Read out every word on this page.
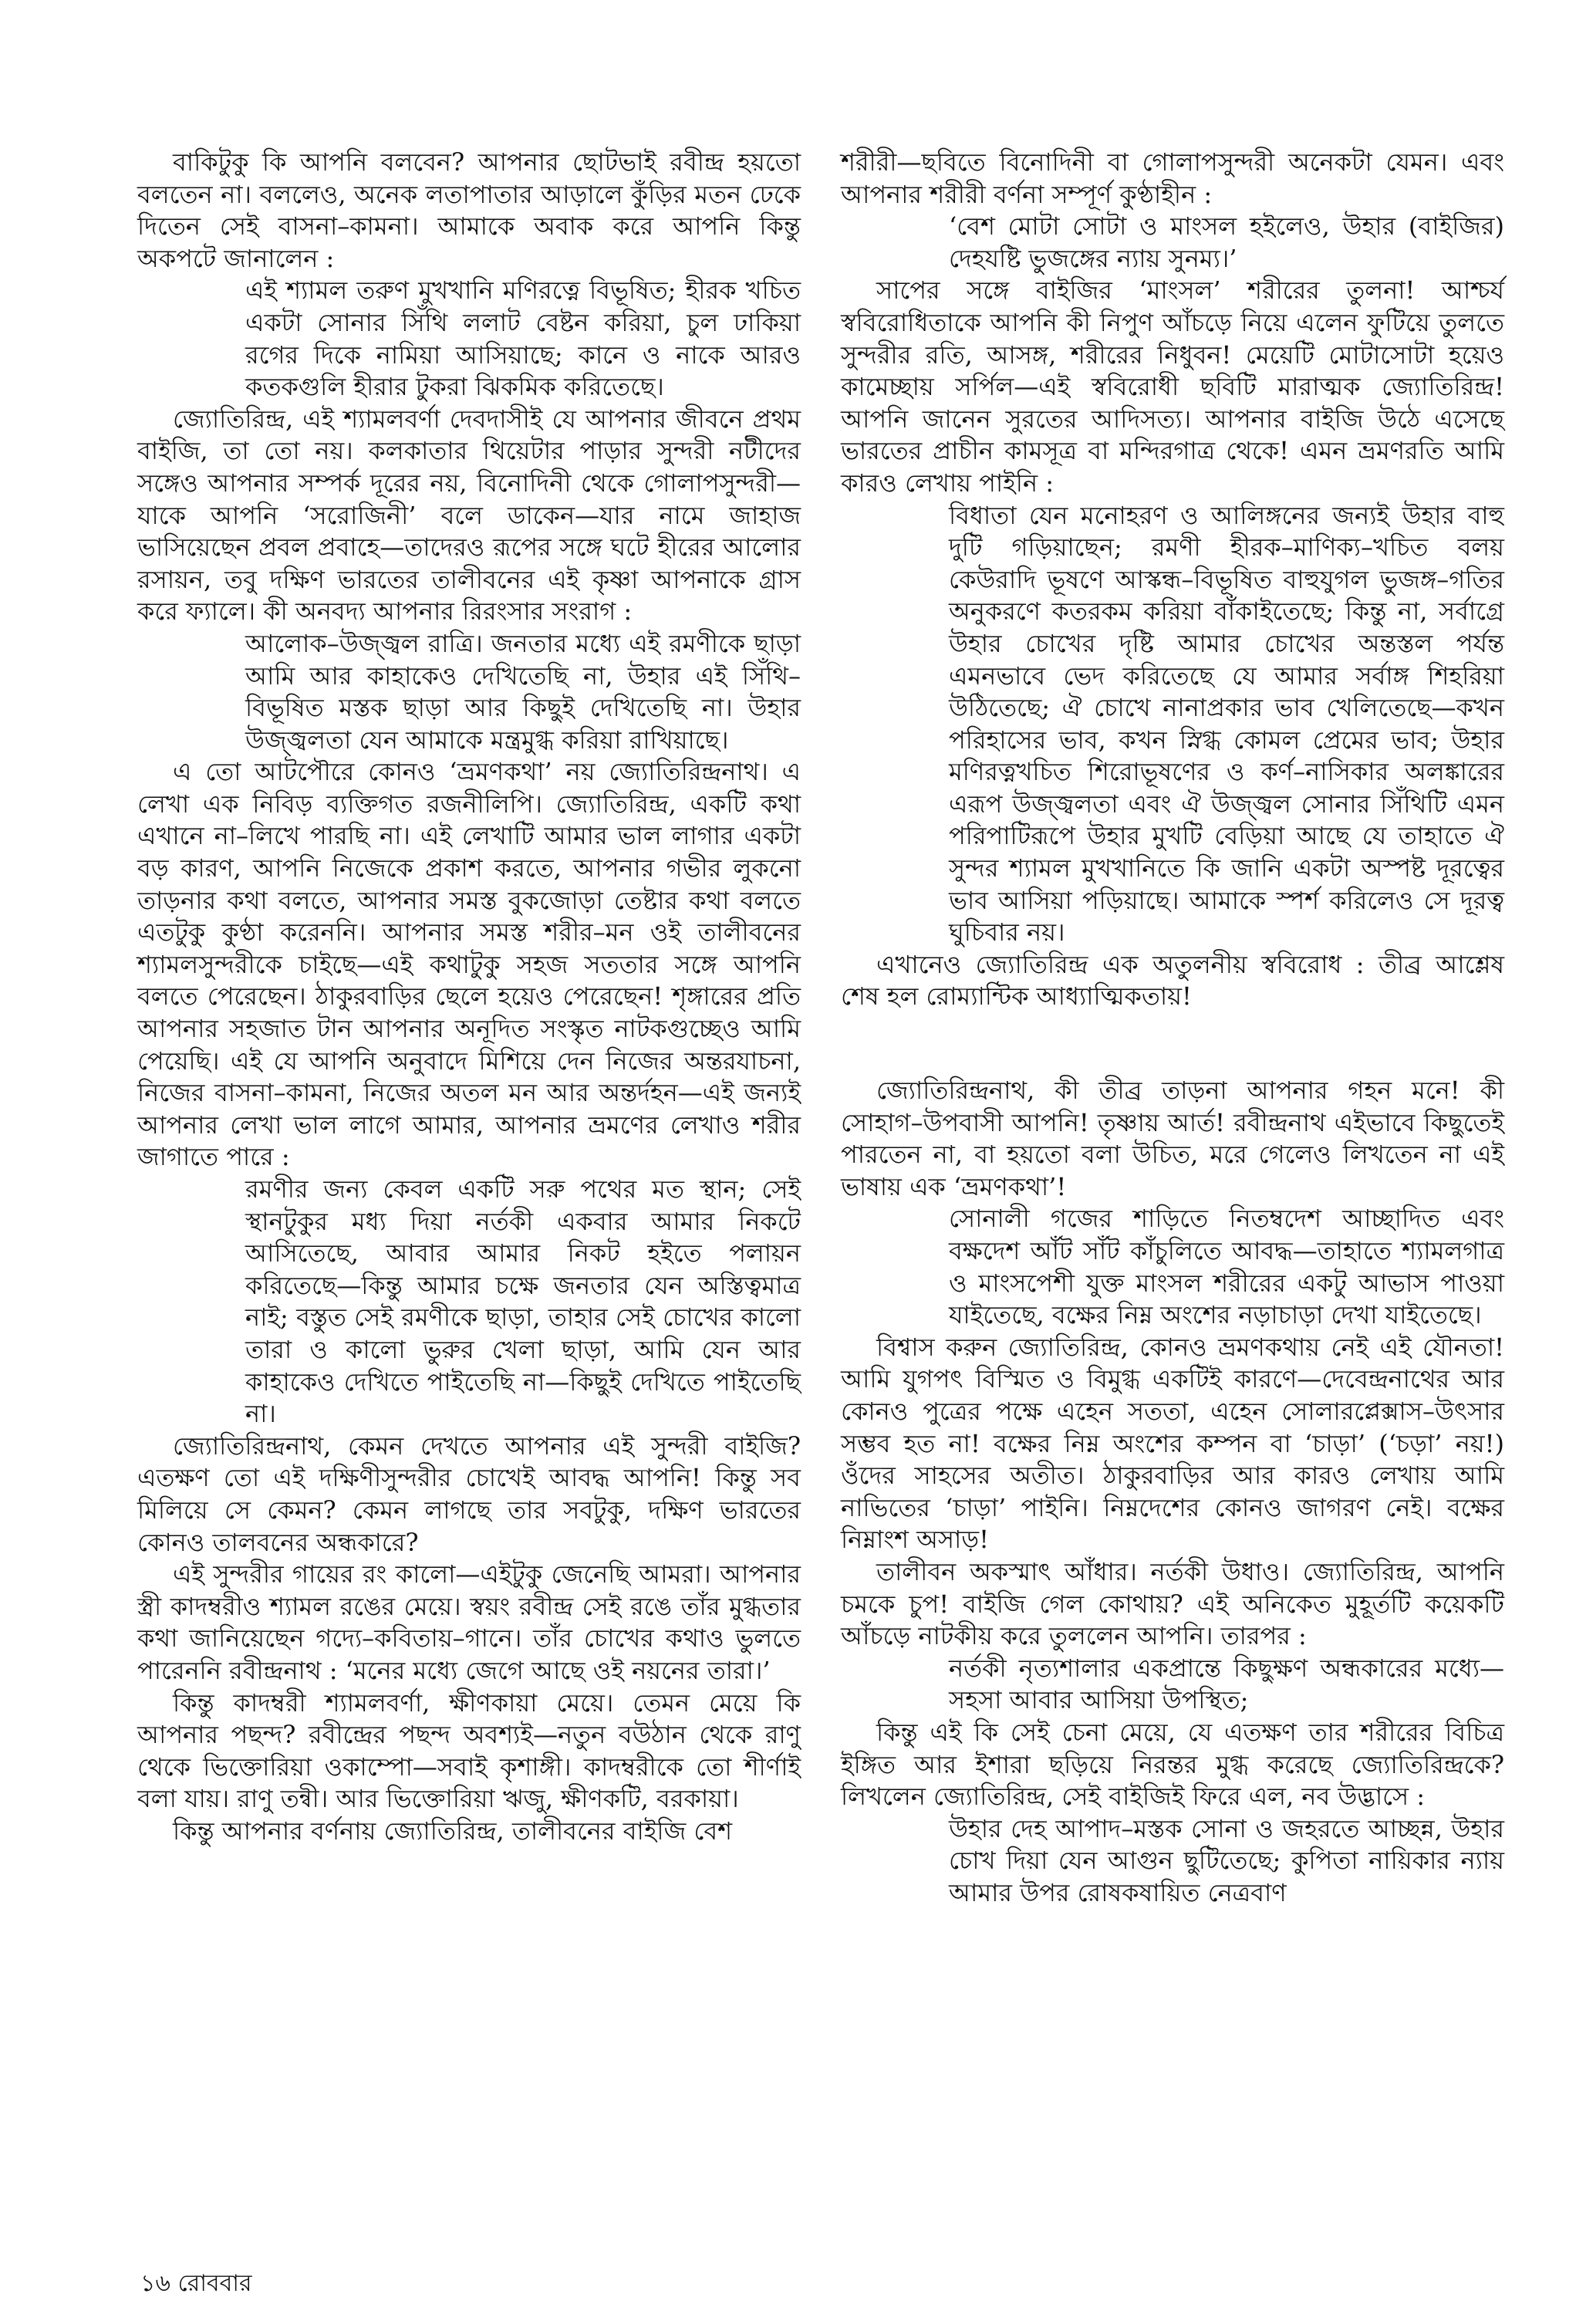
বাকিটুকু কি আপনি বলবেন? আপনার ছোটভাই রবীন্দ্র হয়তো বলতেন না। বললেও, অনেক লতাপাতার আড়ালে কুঁড়ির মতন ঢেকে দিতেন সেই বাসনা–কামনা। আমাকে অবাক করে আপনি কিন্তু অকপটে জানালেন :

এই শ্যামল তরুণ মুখখানি মণিরত্নে বিভূষিত; হীরক খচিত একটা সোনার সিঁথি ললাট বেষ্টন করিয়া, চুল ঢাকিয়া রগের দিকে নামিয়া আসিয়াছে; কানে ও নাকে আরও কতকগুলি হীরার টুকরা ঝিকমিক করিতেছে।

জ্যোতিরিন্দ্র, এই শ্যামলবর্ণা দেবদাসীই যে আপনার জীবনে প্রথম বাইজি, তা তো নয়। কলকাতার থিয়েটার পাড়ার সুন্দরী নটীদের সঙ্গেও আপনার সম্পর্ক দূরের নয়, বিনোদিনী থেকে গোলাপসুন্দরী—যাকে আপনি ‘সরোজিনী’ বলে ডাকেন—যার নামে জাহাজ ভাসিয়েছেন প্রবল প্রবাহে—তাদেরও রূপের সঙ্গে ঘটে হীরের আলোর রসায়ন, তবু দক্ষিণ ভারতের তালীবনের এই কৃষ্ণা আপনাকে গ্রাস করে ফ্যালে। কী অনবদ্য আপনার রিরংসার সংরাগ :

আলোক–উজ্জ্বল রাত্রি। জনতার মধ্যে এই রমণীকে ছাড়া আমি আর কাহাকেও দেখিতেছি না, উহার এই সিঁথি–বিভূষিত মস্তক ছাড়া আর কিছুই দেখিতেছি না। উহার উজ্জ্বলতা যেন আমাকে মন্ত্রমুগ্ধ করিয়া রাখিয়াছে।

এ তো আটপৌরে কোনও ‘ভ্রমণকথা’ নয় জ্যোতিরিন্দ্রনাথ। এ লেখা এক নিবিড় ব্যক্তিগত রজনীলিপি। জ্যোতিরিন্দ্র, একটি কথা এখানে না–লিখে পারছি না। এই লেখাটি আমার ভাল লাগার একটা বড় কারণ, আপনি নিজেকে প্রকাশ করতে, আপনার গভীর লুকনো তাড়নার কথা বলতে, আপনার সমস্ত বুকজোড়া তেষ্টার কথা বলতে এতটুকু কুণ্ঠা করেননি। আপনার সমস্ত শরীর–মন ওই তালীবনের শ্যামলসুন্দরীকে চাইছে—এই কথাটুকু সহজ সততার সঙ্গে আপনি বলতে পেরেছেন। ঠাকুরবাড়ির ছেলে হয়েও পেরেছেন! শৃঙ্গারের প্রতি আপনার সহজাত টান আপনার অনূদিত সংস্কৃত নাটকগুচ্ছেও আমি পেয়েছি। এই যে আপনি অনুবাদে মিশিয়ে দেন নিজের অন্তরযাচনা, নিজের বাসনা–কামনা, নিজের অতল মন আর অন্তর্দহন—এই জন্যই আপনার লেখা ভাল লাগে আমার, আপনার ভ্রমণের লেখাও শরীর জাগাতে পারে :

রমণীর জন্য কেবল একটি সরু পথের মত স্থান; সেই স্থানটুকুর মধ্য দিয়া নর্তকী একবার আমার নিকটে আসিতেছে, আবার আমার নিকট হইতে পলায়ন করিতেছে—কিন্তু আমার চক্ষে জনতার যেন অস্তিত্বমাত্র নাই; বস্তুত সেই রমণীকে ছাড়া, তাহার সেই চোখের কালো তারা ও কালো ভুরুর খেলা ছাড়া, আমি যেন আর কাহাকেও দেখিতে পাইতেছি না—কিছুই দেখিতে পাইতেছি না।

জ্যোতিরিন্দ্রনাথ, কেমন দেখতে আপনার এই সুন্দরী বাইজি? এতক্ষণ তো এই দক্ষিণীসুন্দরীর চোখেই আবদ্ধ আপনি! কিন্তু সব মিলিয়ে সে কেমন? কেমন লাগছে তার সবটুকু, দক্ষিণ ভারতের কোনও তালবনের অন্ধকারে?

এই সুন্দরীর গায়ের রং কালো—এইটুকু জেনেছি আমরা। আপনার স্ত্রী কাদম্বরীও শ্যামল রঙের মেয়ে। স্বয়ং রবীন্দ্র সেই রঙে তাঁর মুগ্ধতার কথা জানিয়েছেন গদ্যে–কবিতায়–গানে। তাঁর চোখের কথাও ভুলতে পারেননি রবীন্দ্রনাথ : ‘মনের মধ্যে জেগে আছে ওই নয়নের তারা।’

কিন্তু কাদম্বরী শ্যামলবর্ণা, ক্ষীণকায়া মেয়ে। তেমন মেয়ে কি আপনার পছন্দ? রবীন্দ্রের পছন্দ অবশ্যই—নতুন বউঠান থেকে রাণু থেকে ভিক্তোরিয়া ওকাম্পো—সবাই কৃশাঙ্গী। কাদম্বরীকে তো শীর্ণাই বলা যায়। রাণু তন্বী। আর ভিক্তোরিয়া ঋজু, ক্ষীণকটি, বরকায়া।

কিন্তু আপনার বর্ণনায় জ্যোতিরিন্দ্র, তালীবনের বাইজি বেশ

শরীরী—ছবিতে বিনোদিনী বা গোলাপসুন্দরী অনেকটা যেমন। এবং আপনার শরীরী বর্ণনা সম্পূর্ণ কুণ্ঠাহীন :

‘বেশ মোটা সোটা ও মাংসল হইলেও, উহার (বাইজির) দেহযষ্টি ভুজঙ্গের ন্যায় সুনম্য।’

সাপের সঙ্গে বাইজির ‘মাংসল’ শরীরের তুলনা! আশ্চর্য স্ববিরোধিতাকে আপনি কী নিপুণ আঁচড়ে নিয়ে এলেন ফুটিয়ে তুলতে সুন্দরীর রতি, আসঙ্গ, শরীরের নিধুবন! মেয়েটি মোটাসোটা হয়েও কামেচ্ছায় সর্পিল—এই স্ববিরোধী ছবিটি মারাত্মক জ্যোতিরিন্দ্র! আপনি জানেন সুরতের আদিসত্য। আপনার বাইজি উঠে এসেছে ভারতের প্রাচীন কামসূত্র বা মন্দিরগাত্র থেকে! এমন ভ্রমণরতি আমি কারও লেখায় পাইনি :

বিধাতা যেন মনোহরণ ও আলিঙ্গনের জন্যই উহার বাহু দুটি গড়িয়াছেন; রমণী হীরক–মাণিক্য–খচিত বলয় কেউরাদি ভূষণে আস্কন্ধ–বিভূষিত বাহুযুগল ভুজঙ্গ–গতির অনুকরণে কতরকম করিয়া বাঁকাইতেছে; কিন্তু না, সর্বাগ্রে উহার চোখের দৃষ্টি আমার চোখের অন্তস্তল পর্যন্ত এমনভাবে ভেদ করিতেছে যে আমার সর্বাঙ্গ শিহরিয়া উঠিতেছে; ঐ চোখে নানাপ্রকার ভাব খেলিতেছে—কখন পরিহাসের ভাব, কখন স্নিগ্ধ কোমল প্রেমের ভাব; উহার মণিরত্নখচিত শিরোভূষণের ও কর্ণ–নাসিকার অলঙ্কারের এরূপ উজ্জ্বলতা এবং ঐ উজ্জ্বল সোনার সিঁথিটি এমন পরিপাটিরূপে উহার মুখটি বেড়িয়া আছে যে তাহাতে ঐ সুন্দর শ্যামল মুখখানিতে কি জানি একটা অস্পষ্ট দূরত্বের ভাব আসিয়া পড়িয়াছে। আমাকে স্পর্শ করিলেও সে দূরত্ব ঘুচিবার নয়।

এখানেও জ্যোতিরিন্দ্র এক অতুলনীয় স্ববিরোধ : তীব্র আশ্লেষ শেষ হল রোম্যান্টিক আধ্যাত্মিকতায়!

জ্যোতিরিন্দ্রনাথ, কী তীব্র তাড়না আপনার গহন মনে! কী সোহাগ–উপবাসী আপনি! তৃষ্ণায় আর্ত! রবীন্দ্রনাথ এইভাবে কিছুতেই পারতেন না, বা হয়তো বলা উচিত, মরে গেলেও লিখতেন না এই ভাষায় এক ‘ভ্রমণকথা’!

সোনালী গজের শাড়িতে নিতম্বদেশ আচ্ছাদিত এবং বক্ষদেশ আঁট সাঁট কাঁচুলিতে আবদ্ধ—তাহাতে শ্যামলগাত্র ও মাংসপেশী যুক্ত মাংসল শরীরের একটু আভাস পাওয়া যাইতেছে, বক্ষের নিম্ন অংশের নড়াচাড়া দেখা যাইতেছে।

বিশ্বাস করুন জ্যোতিরিন্দ্র, কোনও ভ্রমণকথায় নেই এই যৌনতা! আমি যুগপৎ বিস্মিত ও বিমুগ্ধ একটিই কারণে—দেবেন্দ্রনাথের আর কোনও পুত্রের পক্ষে এহেন সততা, এহেন সোলারপ্লেক্সাস–উৎসার সম্ভব হত না! বক্ষের নিম্ন অংশের কম্পন বা ‘চাড়া’ (‘চড়া’ নয়!) ওঁদের সাহসের অতীত। ঠাকুরবাড়ির আর কারও লেখায় আমি নাভিতের ‘চাড়া’ পাইনি। নিম্নদেশের কোনও জাগরণ নেই। বক্ষের নিম্নাংশ অসাড়!

তালীবন অকস্মাৎ আঁধার। নর্তকী উধাও। জ্যোতিরিন্দ্র, আপনি চমকে চুপ! বাইজি গেল কোথায়? এই অনিকেত মুহূর্তটি কয়েকটি আঁচড়ে নাটকীয় করে তুললেন আপনি। তারপর :

নর্তকী নৃত্যশালার একপ্রান্তে কিছুক্ষণ অন্ধকারের মধ্যে—সহসা আবার আসিয়া উপস্থিত;

কিন্তু এই কি সেই চেনা মেয়ে, যে এতক্ষণ তার শরীরের বিচিত্র ইঙ্গিত আর ইশারা ছড়িয়ে নিরন্তর মুগ্ধ করেছে জ্যোতিরিন্দ্রকে? লিখলেন জ্যোতিরিন্দ্র, সেই বাইজিই ফিরে এল, নব উদ্ভাসে :

উহার দেহ আপাদ–মস্তক সোনা ও জহরতে আচ্ছন্ন, উহার চোখ দিয়া যেন আগুন ছুটিতেছে; কুপিতা নায়িকার ন্যায় আমার উপর রোষকষায়িত নেত্রবাণ

১৬ রোববার
